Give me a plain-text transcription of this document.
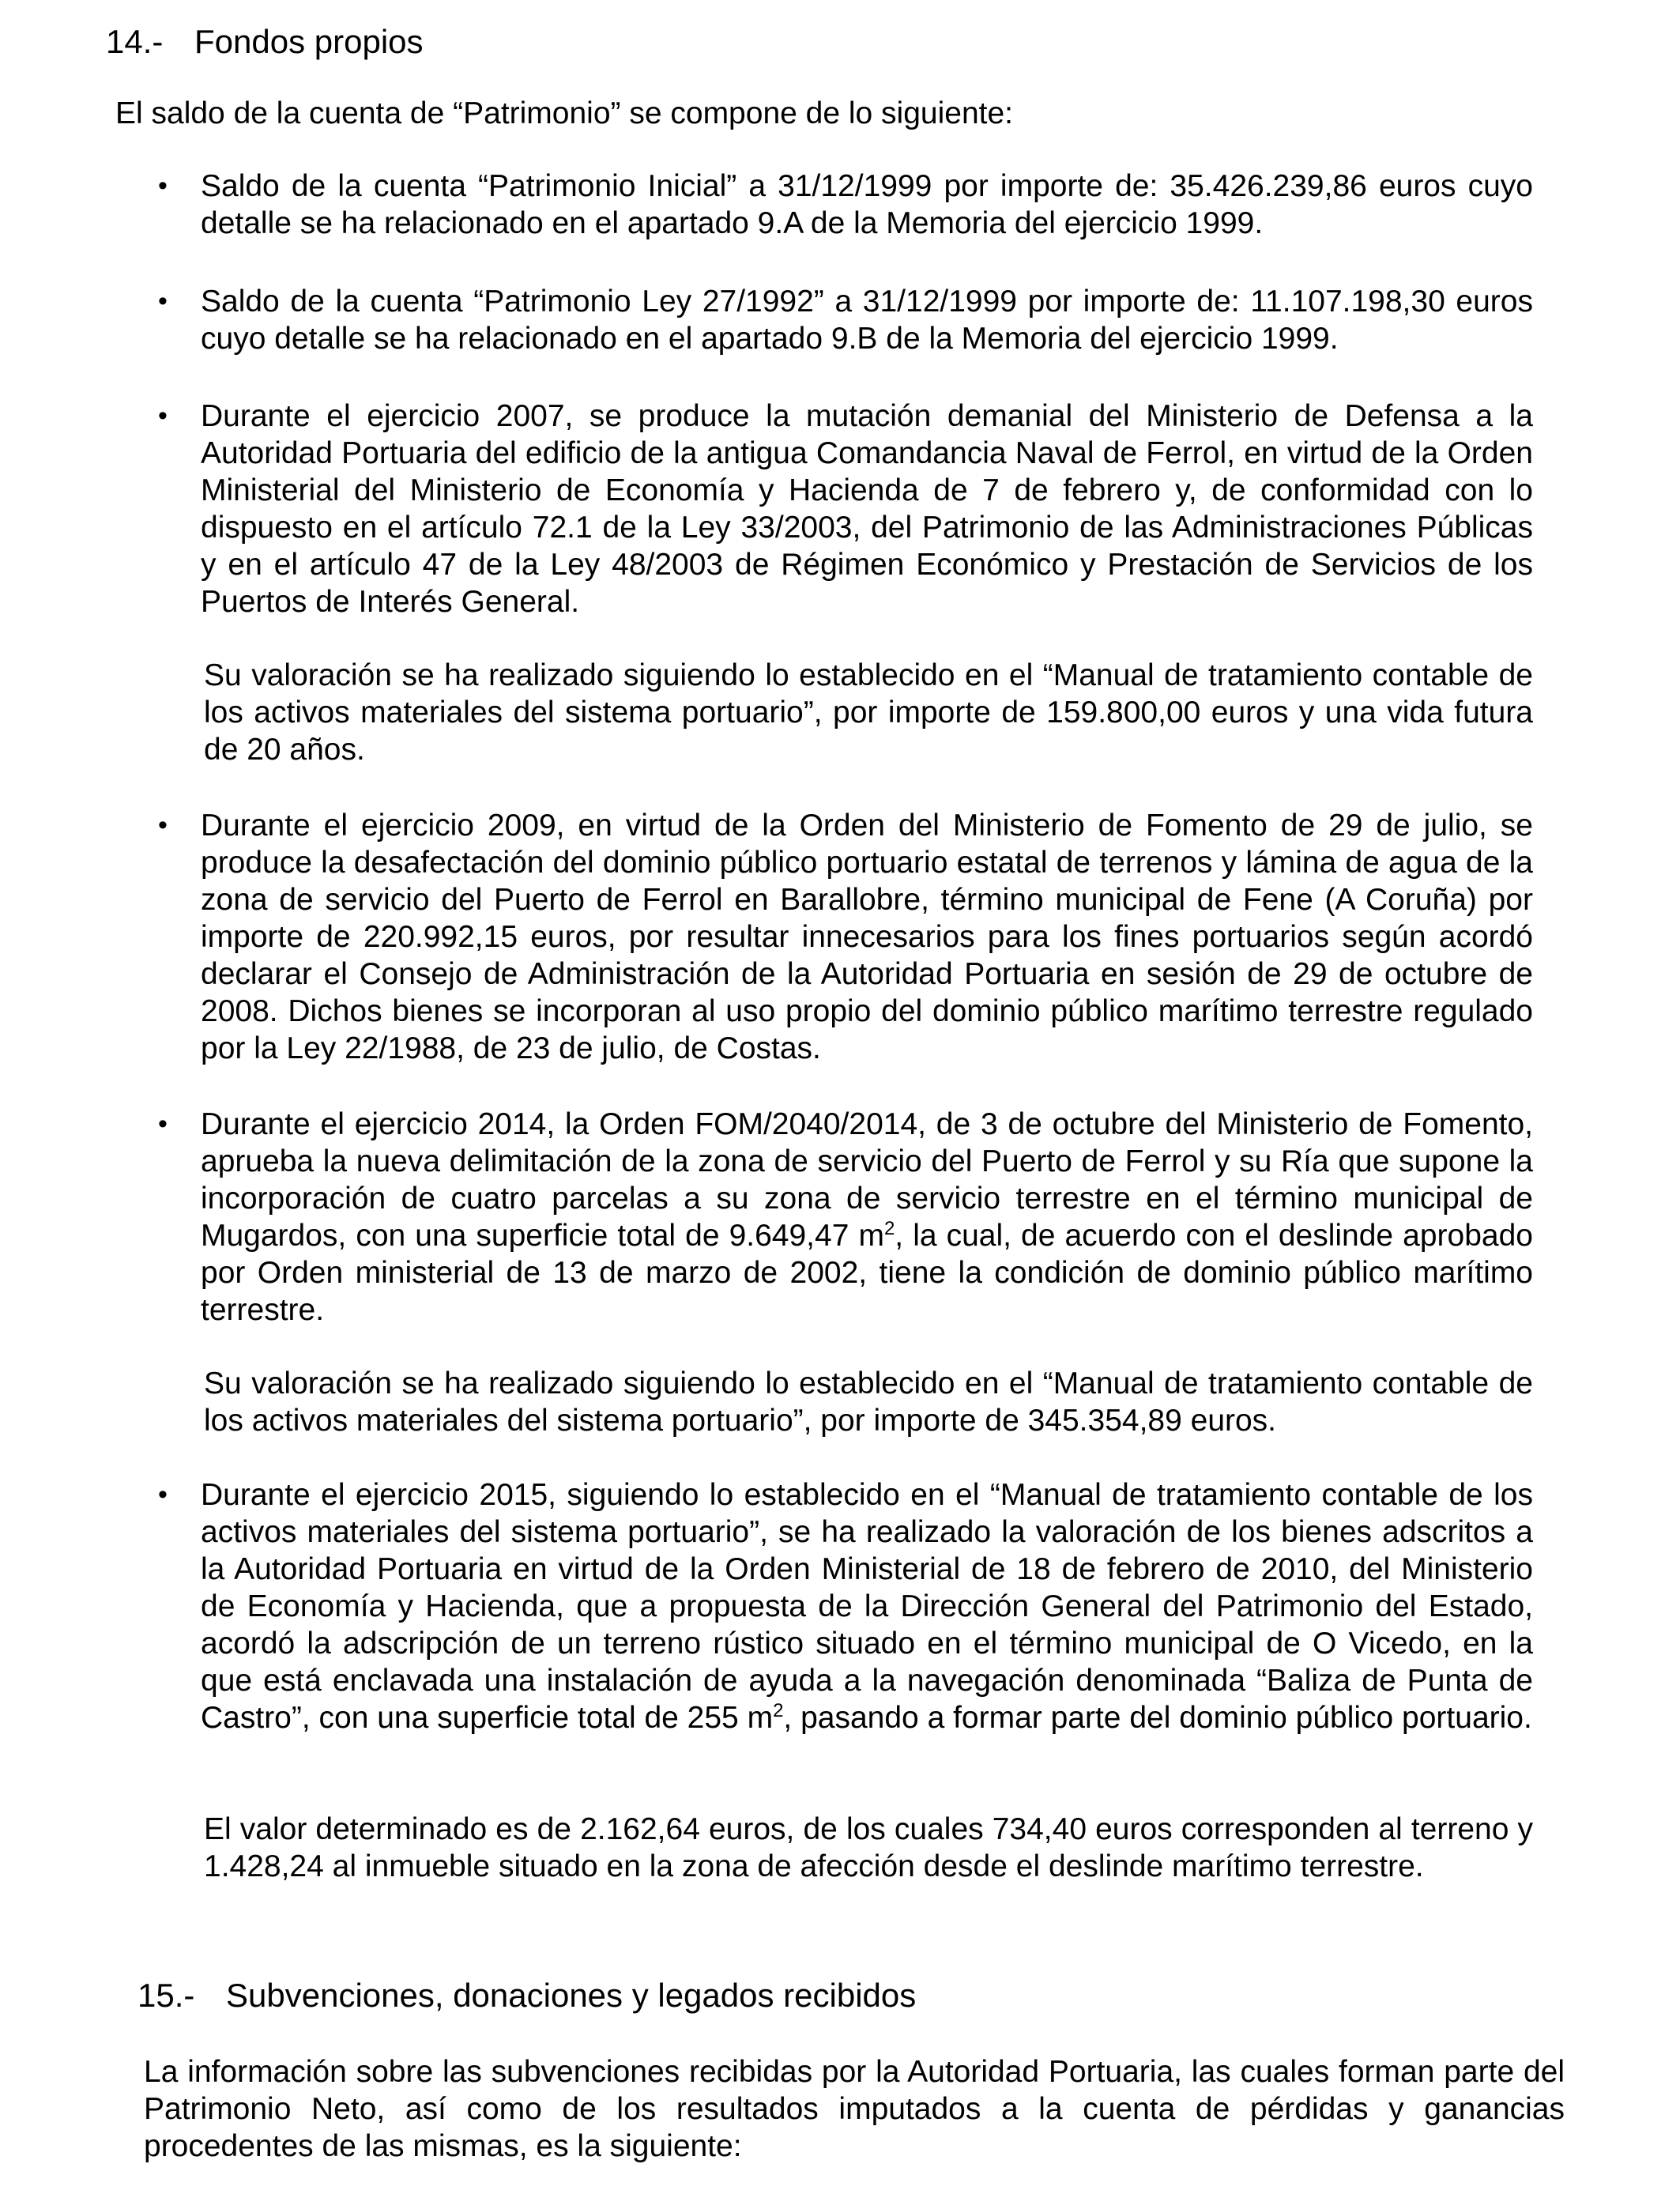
14.- Fondos propios

El saldo de la cuenta de “Patrimonio” se compone de lo siguiente:

•	Saldo de la cuenta “Patrimonio Inicial” a 31/12/1999 por importe de: 35.426.239,86 euros cuyo detalle se ha relacionado en el apartado 9.A de la Memoria del ejercicio 1999.

•	Saldo de la cuenta “Patrimonio Ley 27/1992” a 31/12/1999 por importe de: 11.107.198,30 euros cuyo detalle se ha relacionado en el apartado 9.B de la Memoria del ejercicio 1999.

•	Durante el ejercicio 2007, se produce la mutación demanial del Ministerio de Defensa a la Autoridad Portuaria del edificio de la antigua Comandancia Naval de Ferrol, en virtud de la Orden Ministerial del Ministerio de Economía y Hacienda de 7 de febrero y, de conformidad con lo dispuesto en el artículo 72.1 de la Ley 33/2003, del Patrimonio de las Administraciones Públicas y en el artículo 47 de la Ley 48/2003 de Régimen Económico y Prestación de Servicios de los Puertos de Interés General.

Su valoración se ha realizado siguiendo lo establecido en el “Manual de tratamiento contable de los activos materiales del sistema portuario”, por importe de 159.800,00 euros y una vida futura de 20 años.

•	Durante el ejercicio 2009, en virtud de la Orden del Ministerio de Fomento de 29 de julio, se produce la desafectación del dominio público portuario estatal de terrenos y lámina de agua de la zona de servicio del Puerto de Ferrol en Barallobre, término municipal de Fene (A Coruña) por importe de 220.992,15 euros, por resultar innecesarios para los fines portuarios según acordó declarar el Consejo de Administración de la Autoridad Portuaria en sesión de 29 de octubre de 2008. Dichos bienes se incorporan al uso propio del dominio público marítimo terrestre regulado por la Ley 22/1988, de 23 de julio, de Costas.

•	Durante el ejercicio 2014, la Orden FOM/2040/2014, de 3 de octubre del Ministerio de Fomento, aprueba la nueva delimitación de la zona de servicio del Puerto de Ferrol y su Ría que supone la incorporación de cuatro parcelas a su zona de servicio terrestre en el término municipal de Mugardos, con una superficie total de 9.649,47 $m^2$, la cual, de acuerdo con el deslinde aprobado por Orden ministerial de 13 de marzo de 2002, tiene la condición de dominio público marítimo terrestre.

Su valoración se ha realizado siguiendo lo establecido en el “Manual de tratamiento contable de los activos materiales del sistema portuario”, por importe de 345.354,89 euros.

•	Durante el ejercicio 2015, siguiendo lo establecido en el “Manual de tratamiento contable de los activos materiales del sistema portuario”, se ha realizado la valoración de los bienes adscritos a la Autoridad Portuaria en virtud de la Orden Ministerial de 18 de febrero de 2010, del Ministerio de Economía y Hacienda, que a propuesta de la Dirección General del Patrimonio del Estado, acordó la adscripción de un terreno rústico situado en el término municipal de O Vicedo, en la que está enclavada una instalación de ayuda a la navegación denominada “Baliza de Punta de Castro”, con una superficie total de 255 $m^2$, pasando a formar parte del dominio público portuario.

El valor determinado es de 2.162,64 euros, de los cuales 734,40 euros corresponden al terreno y 1.428,24 al inmueble situado en la zona de afección desde el deslinde marítimo terrestre.

15.- Subvenciones, donaciones y legados recibidos

La información sobre las subvenciones recibidas por la Autoridad Portuaria, las cuales forman parte del Patrimonio Neto, así como de los resultados imputados a la cuenta de pérdidas y ganancias procedentes de las mismas, es la siguiente:
